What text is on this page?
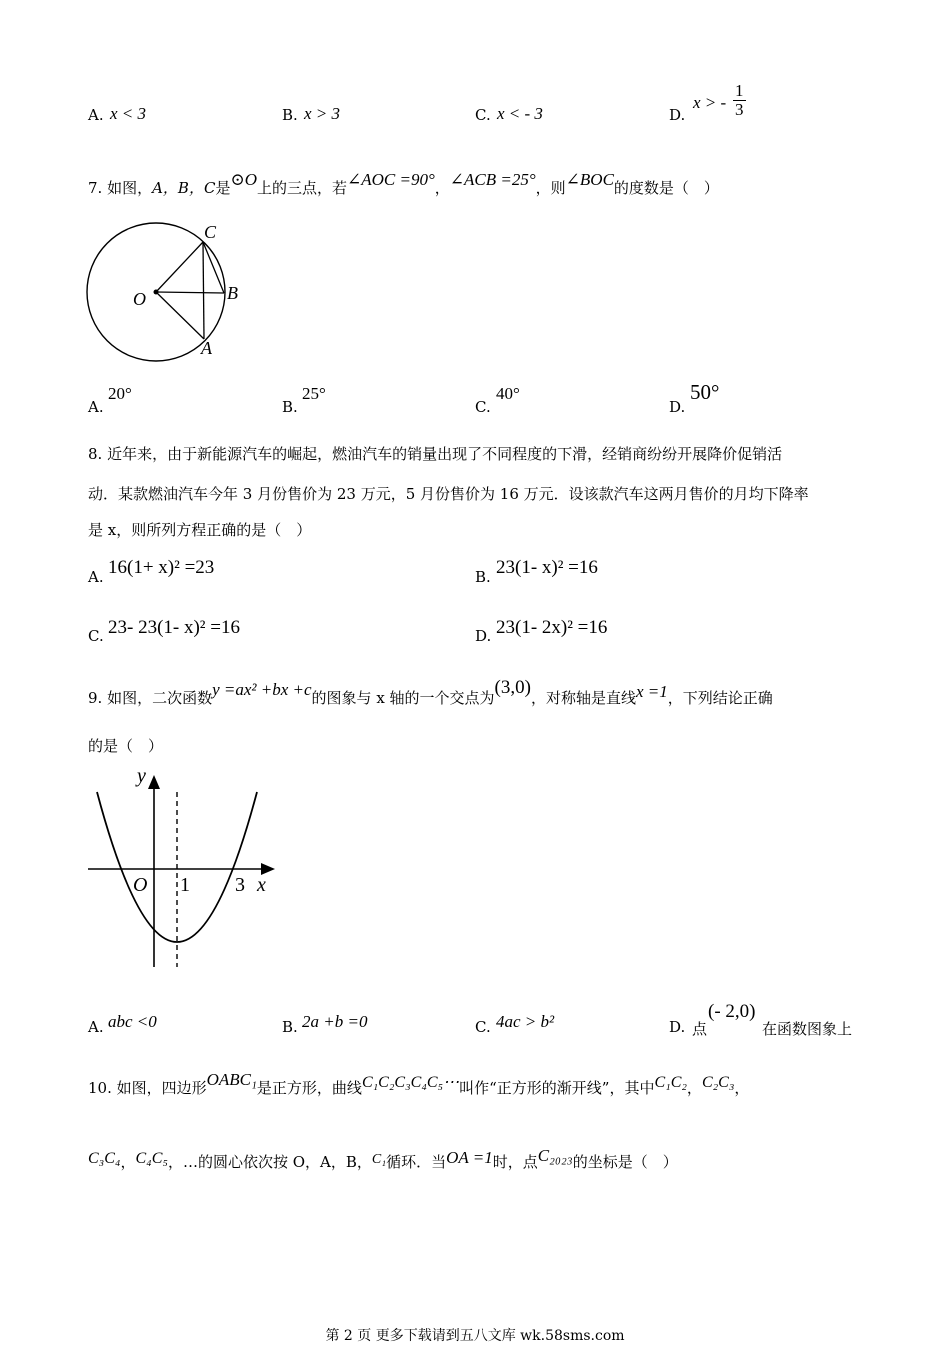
A. x < 3	B. x > 3	C. x < - 3	D.
x > - $\frac{1}{3}$
7. 如图，A，B，C是⊙O上的三点，若∠AOC =90°，∠ACB =25°，则∠BOC的度数是（　）
C
O	B
A
A.
20°
B.
25°
C.
40°
D.
50°
8. 近年来，由于新能源汽车的崛起，燃油汽车的销量出现了不同程度的下滑，经销商纷纷开展降价促销活
动．某款燃油汽车今年 3 月份售价为 23 万元，5 月份售价为 16 万元．设该款汽车这两月售价的月均下降率
是 x，则所列方程正确的是（　）
A. 16(1+ x)² =23	B. 23(1- x)² =16
C. 23- 23(1- x)² =16	D. 23(1- 2x)² =16
9. 如图，二次函数y =ax² +bx +c的图象与 x 轴的一个交点为(3,0)，对称轴是直线x =1，下列结论正确
的是（　）
y
O 1 3 x
A. abc <0	B. 2a +b =0	C. 4ac > b²	D. 点
(- 2,0)
在函数图象上
10. 如图，四边形OABC₁是正方形，曲线C₁C₂C₃C₄C₅⋯叫作“正方形的渐开线”，其中C₁C₂，C₂C₃，
C₃C₄，C₄C₅，…的圆心依次按 O，A，B，C₁循环．当OA =1时，点C₂₀₂₃的坐标是（　）
第 2 页 更多下载请到五八文库 wk.58sms.com
